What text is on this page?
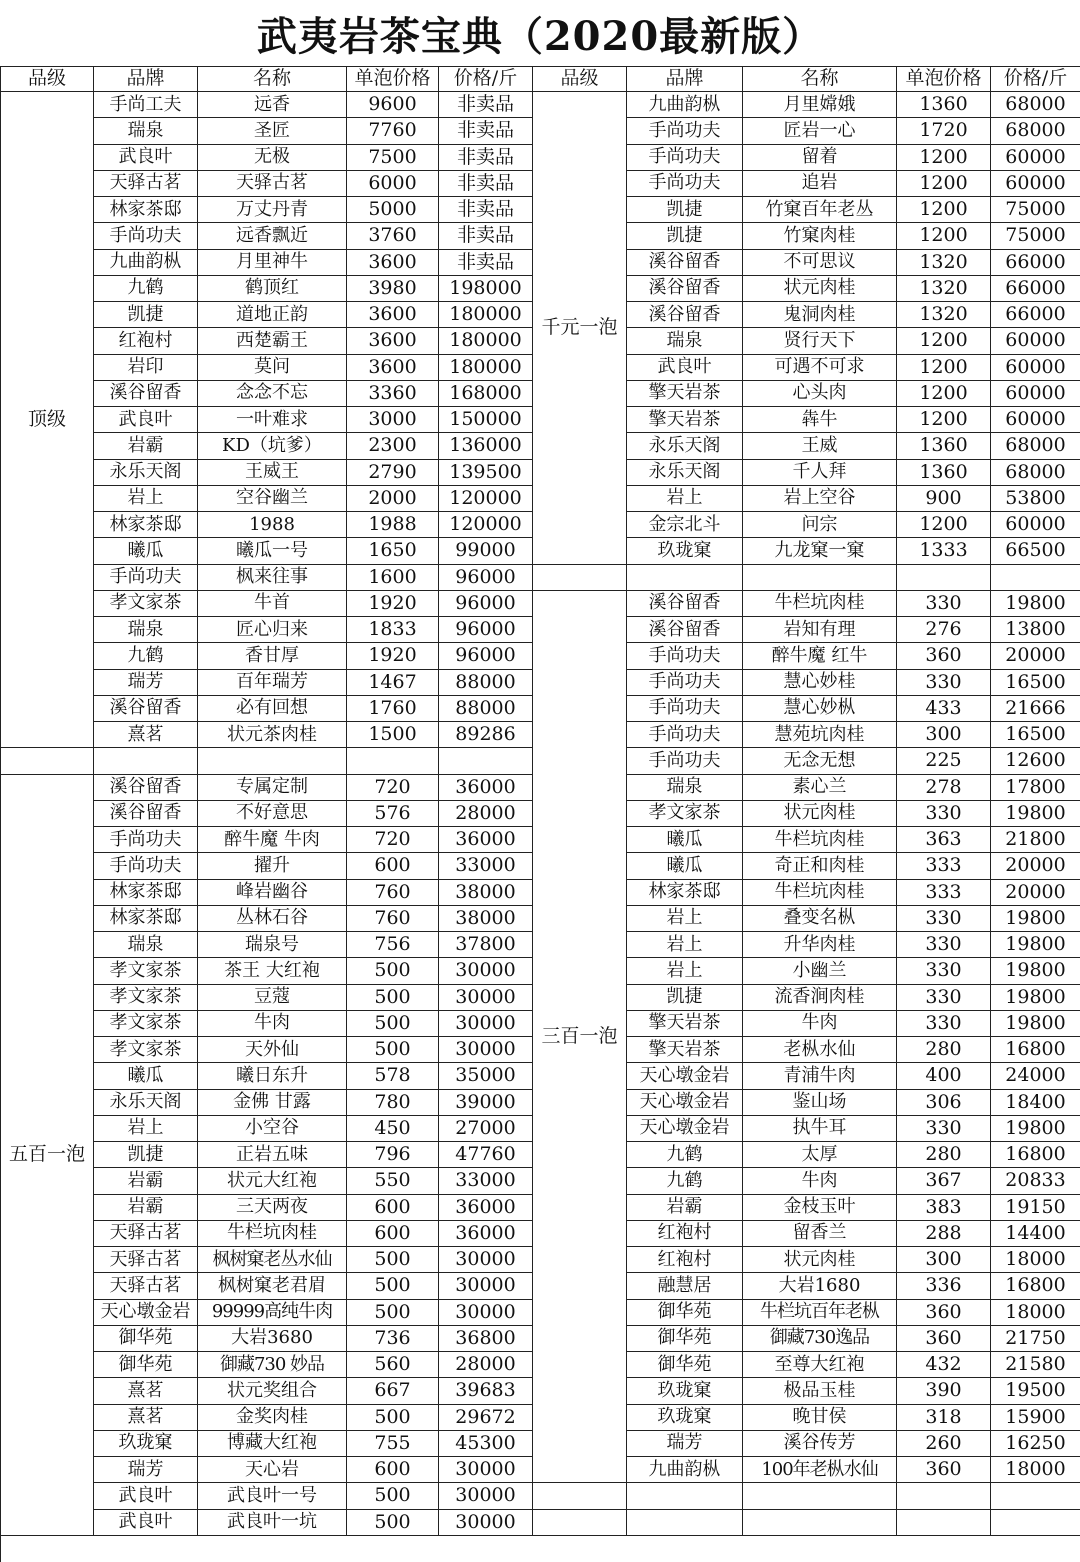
武夷岩茶宝典（2020最新版）
品级	品牌	名称	单泡价格	价格/斤	品级	品牌	名称	单泡价格	价格/斤
顶级
手尚工夫	远香	9600	非卖品
瑞泉	圣匠	7760	非卖品
武良叶	无极	7500	非卖品
天驿古茗	天驿古茗	6000	非卖品
林家茶邸	万丈丹青	5000	非卖品
手尚功夫	远香飘近	3760	非卖品
九曲韵枞	月里神牛	3600	非卖品
九鹤	鹤顶红	3980	198000
凯捷	道地正韵	3600	180000
红袍村	西楚霸王	3600	180000
岩印	莫问	3600	180000
溪谷留香	念念不忘	3360	168000
武良叶	一叶难求	3000	150000
岩霸	KD（坑爹）	2300	136000
永乐天阁	王威王	2790	139500
岩上	空谷幽兰	2000	120000
林家茶邸	1988	1988	120000
曦瓜	曦瓜一号	1650	99000
手尚功夫	枫来往事	1600	96000
孝文家茶	牛首	1920	96000
瑞泉	匠心归来	1833	96000
九鹤	香甘厚	1920	96000
瑞芳	百年瑞芳	1467	88000
溪谷留香	必有回想	1760	88000
熹茗	状元茶肉桂	1500	89286
五百一泡
溪谷留香	专属定制	720	36000
溪谷留香	不好意思	576	28000
手尚功夫	醉牛魔 牛肉	720	36000
手尚功夫	擢升	600	33000
林家茶邸	峰岩幽谷	760	38000
林家茶邸	丛林石谷	760	38000
瑞泉	瑞泉号	756	37800
孝文家茶	茶王 大红袍	500	30000
孝文家茶	豆蔻	500	30000
孝文家茶	牛肉	500	30000
孝文家茶	天外仙	500	30000
曦瓜	曦日东升	578	35000
永乐天阁	金佛 甘露	780	39000
岩上	小空谷	450	27000
凯捷	正岩五味	796	47760
岩霸	状元大红袍	550	33000
岩霸	三天两夜	600	36000
天驿古茗	牛栏坑肉桂	600	36000
天驿古茗	枫树窠老丛水仙	500	30000
天驿古茗	枫树窠老君眉	500	30000
天心墩金岩	99999高纯牛肉	500	30000
御华苑	大岩3680	736	36800
御华苑	御藏730 妙品	560	28000
熹茗	状元奖组合	667	39683
熹茗	金奖肉桂	500	29672
玖珑窠	博藏大红袍	755	45300
瑞芳	天心岩	600	30000
武良叶	武良叶一号	500	30000
武良叶	武良叶一坑	500	30000
千元一泡
九曲韵枞	月里嫦娥	1360	68000
手尚功夫	匠岩一心	1720	68000
手尚功夫	留着	1200	60000
手尚功夫	追岩	1200	60000
凯捷	竹窠百年老丛	1200	75000
凯捷	竹窠肉桂	1200	75000
溪谷留香	不可思议	1320	66000
溪谷留香	状元肉桂	1320	66000
溪谷留香	鬼洞肉桂	1320	66000
瑞泉	贤行天下	1200	60000
武良叶	可遇不可求	1200	60000
擎天岩茶	心头肉	1200	60000
擎天岩茶	犇牛	1200	60000
永乐天阁	王威	1360	68000
永乐天阁	千人拜	1360	68000
岩上	岩上空谷	900	53800
金宗北斗	问宗	1200	60000
玖珑窠	九龙窠一窠	1333	66500
三百一泡
溪谷留香	牛栏坑肉桂	330	19800
溪谷留香	岩知有理	276	13800
手尚功夫	醉牛魔 红牛	360	20000
手尚功夫	慧心妙桂	330	16500
手尚功夫	慧心妙枞	433	21666
手尚功夫	慧苑坑肉桂	300	16500
手尚功夫	无念无想	225	12600
瑞泉	素心兰	278	17800
孝文家茶	状元肉桂	330	19800
曦瓜	牛栏坑肉桂	363	21800
曦瓜	奇正和肉桂	333	20000
林家茶邸	牛栏坑肉桂	333	20000
岩上	叠变名枞	330	19800
岩上	升华肉桂	330	19800
岩上	小幽兰	330	19800
凯捷	流香涧肉桂	330	19800
擎天岩茶	牛肉	330	19800
擎天岩茶	老枞水仙	280	16800
天心墩金岩	青浦牛肉	400	24000
天心墩金岩	鉴山场	306	18400
天心墩金岩	执牛耳	330	19800
九鹤	太厚	280	16800
九鹤	牛肉	367	20833
岩霸	金枝玉叶	383	19150
红袍村	留香兰	288	14400
红袍村	状元肉桂	300	18000
融慧居	大岩1680	336	16800
御华苑	牛栏坑百年老枞	360	18000
御华苑	御藏730逸品	360	21750
御华苑	至尊大红袍	432	21580
玖珑窠	极品玉桂	390	19500
玖珑窠	晚甘侯	318	15900
瑞芳	溪谷传芳	260	16250
九曲韵枞	100年老枞水仙	360	18000
